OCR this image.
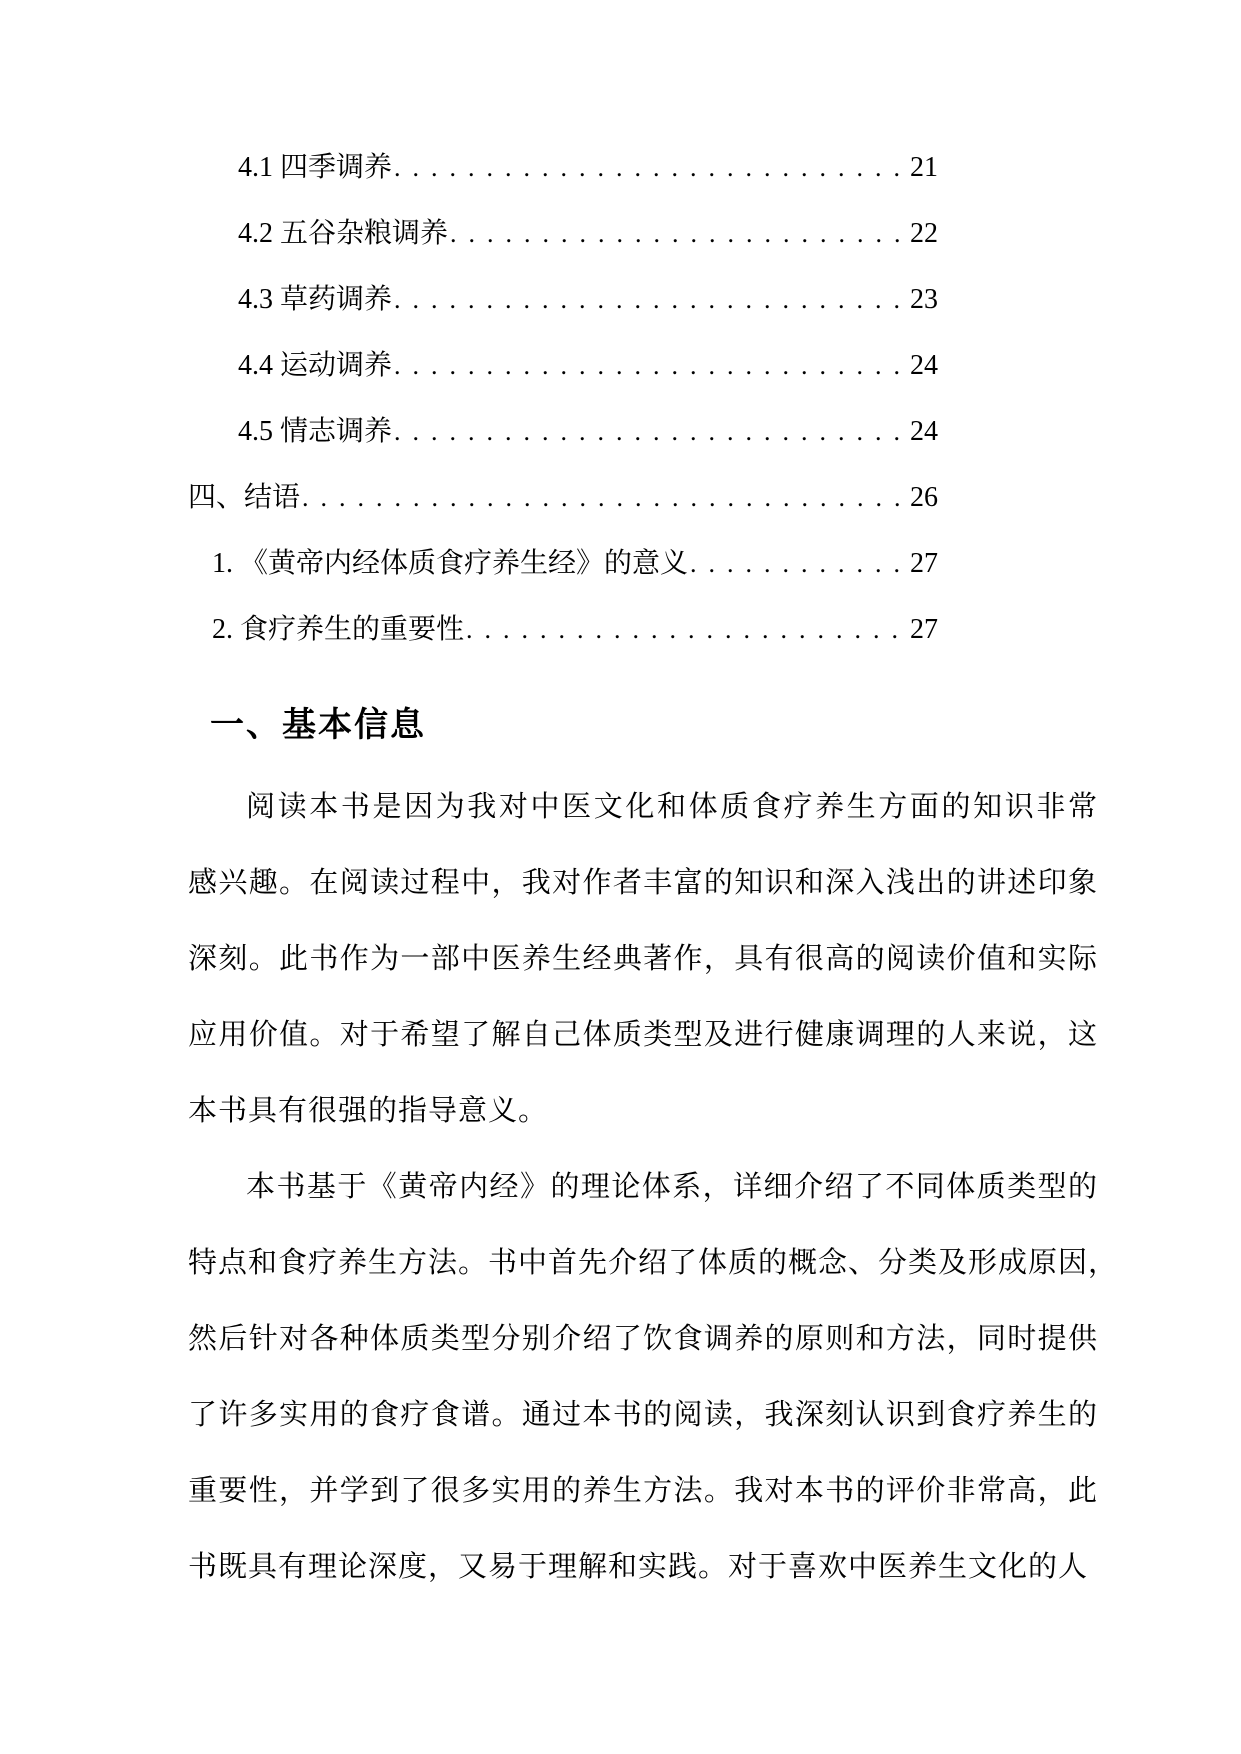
4.1 四季调养 .....	21
4.2 五谷杂粮调养 .....	22
4.3 草药调养 .....	23
4.4 运动调养 .....	24
4.5 情志调养 .....	24
四、结语 .....	26
1. 《黄帝内经体质食疗养生经》的意义 .....	27
2. 食疗养生的重要性 .....	27
一、基本信息
阅读本书是因为我对中医文化和体质食疗养生方面的知识非常
感兴趣。在阅读过程中，我对作者丰富的知识和深入浅出的讲述印象
深刻。此书作为一部中医养生经典著作，具有很高的阅读价值和实际
应用价值。对于希望了解自己体质类型及进行健康调理的人来说，这
本书具有很强的指导意义。
本书基于《黄帝内经》的理论体系，详细介绍了不同体质类型的
特点和食疗养生方法。书中首先介绍了体质的概念、分类及形成原因，
然后针对各种体质类型分别介绍了饮食调养的原则和方法，同时提供
了许多实用的食疗食谱。通过本书的阅读，我深刻认识到食疗养生的
重要性，并学到了很多实用的养生方法。我对本书的评价非常高，此
书既具有理论深度，又易于理解和实践。对于喜欢中医养生文化的人
